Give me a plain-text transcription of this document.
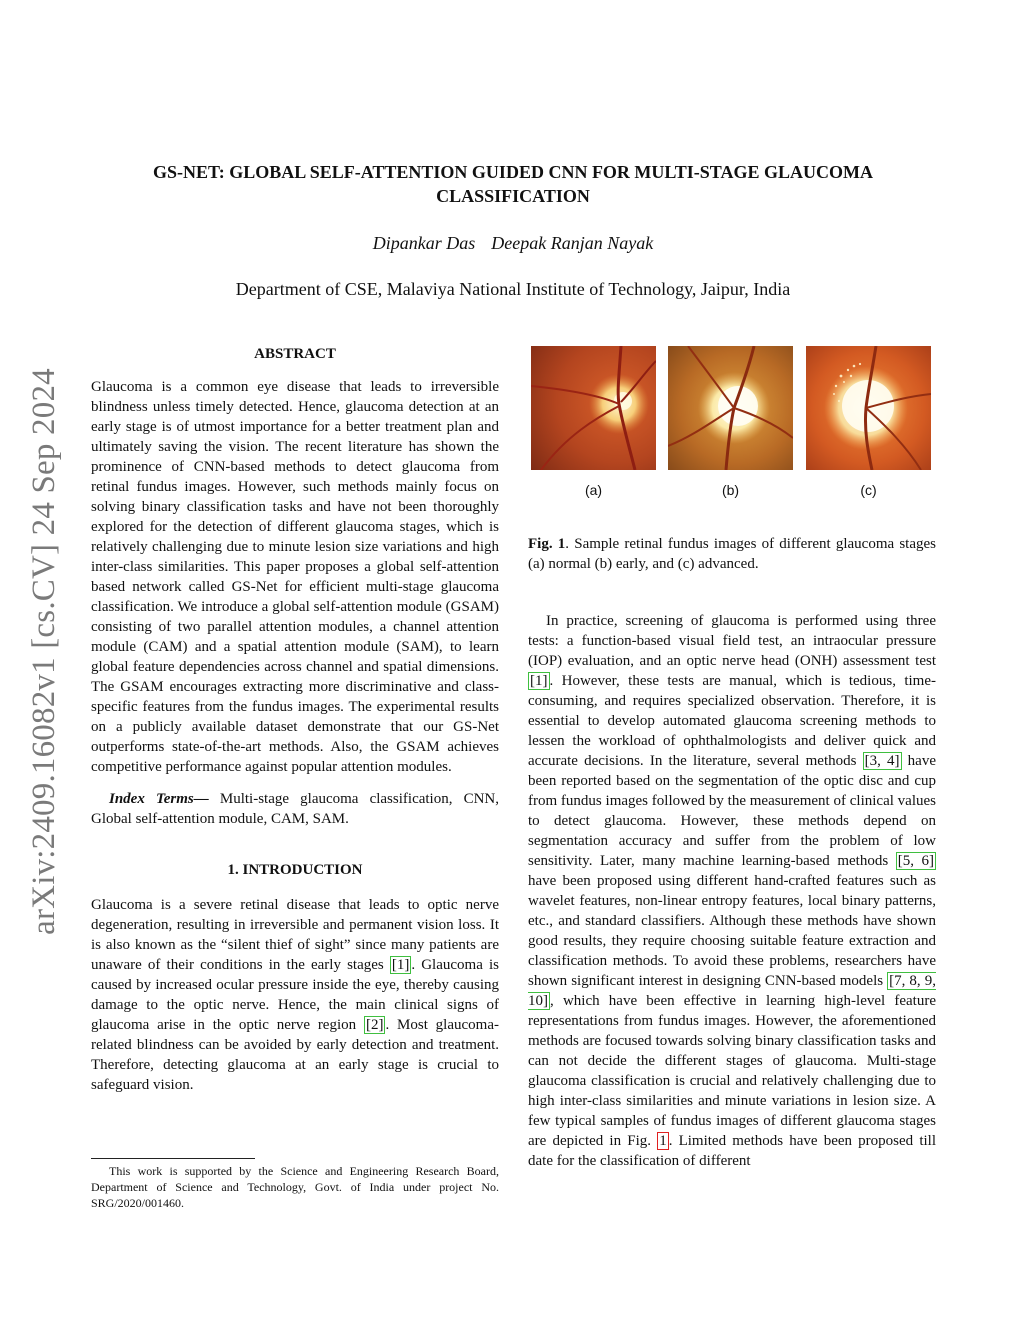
arXiv:2409.16082v1 [cs.CV] 24 Sep 2024
GS-NET: GLOBAL SELF-ATTENTION GUIDED CNN FOR MULTI-STAGE GLAUCOMA
CLASSIFICATION
Dipankar Das Deepak Ranjan Nayak
Department of CSE, Malaviya National Institute of Technology, Jaipur, India
ABSTRACT

Glaucoma is a common eye disease that leads to irreversible blindness unless timely detected. Hence, glaucoma detection at an early stage is of utmost importance for a better treatment plan and ultimately saving the vision. The recent literature has shown the prominence of CNN-based methods to detect glaucoma from retinal fundus images. However, such methods mainly focus on solving binary classification tasks and have not been thoroughly explored for the detection of different glaucoma stages, which is relatively challenging due to minute lesion size variations and high inter-class similarities. This paper proposes a global self-attention based network called GS-Net for efficient multi-stage glaucoma classification. We introduce a global self-attention module (GSAM) consisting of two parallel attention modules, a channel attention module (CAM) and a spatial attention module (SAM), to learn global feature dependencies across channel and spatial dimensions. The GSAM encourages extracting more discriminative and class-specific features from the fundus images. The experimental results on a publicly available dataset demonstrate that our GS-Net outperforms state-of-the-art methods. Also, the GSAM achieves competitive performance against popular attention modules.

Index Terms— Multi-stage glaucoma classification, CNN, Global self-attention module, CAM, SAM.

1. INTRODUCTION

Glaucoma is a severe retinal disease that leads to optic nerve degeneration, resulting in irreversible and permanent vision loss. It is also known as the “silent thief of sight” since many patients are unaware of their conditions in the early stages [1] . Glaucoma is caused by increased ocular pressure inside the eye, thereby causing damage to the optic nerve. Hence, the main clinical signs of glaucoma arise in the optic nerve region [2] . Most glaucoma-related blindness can be avoided by early detection and treatment. Therefore, detecting glaucoma at an early stage is crucial to safeguard vision.

This work is supported by the Science and Engineering Research Board, Department of Science and Technology, Govt. of India under project No. SRG/2020/001460.

(a)	(b)	(c)

Fig. 1. Sample retinal fundus images of different glaucoma stages (a) normal (b) early, and (c) advanced.

In practice, screening of glaucoma is performed using three tests: a function-based visual field test, an intraocular pressure (IOP) evaluation, and an optic nerve head (ONH) assessment test [1] . However, these tests are manual, which is tedious, time-consuming, and requires specialized observation. Therefore, it is essential to develop automated glaucoma screening methods to lessen the workload of ophthalmologists and deliver quick and accurate decisions. In the literature, several methods [3, 4] have been reported based on the segmentation of the optic disc and cup from fundus images followed by the measurement of clinical values to detect glaucoma. However, these methods depend on segmentation accuracy and suffer from the problem of low sensitivity. Later, many machine learning-based methods [5, 6] have been proposed using different hand-crafted features such as wavelet features, non-linear entropy features, local binary patterns, etc., and standard classifiers. Although these methods have shown good results, they require choosing suitable feature extraction and classification methods. To avoid these problems, researchers have shown significant interest in designing CNN-based models [7, 8, 9, 10] , which have been effective in learning high-level feature representations from fundus images. However, the aforementioned methods are focused towards solving binary classification tasks and can not decide the different stages of glaucoma. Multi-stage glaucoma classification is crucial and relatively challenging due to high inter-class similarities and minute variations in lesion size. A few typical samples of fundus images of different glaucoma stages are depicted in Fig. 1 . Limited methods have been proposed till date for the classification of different
